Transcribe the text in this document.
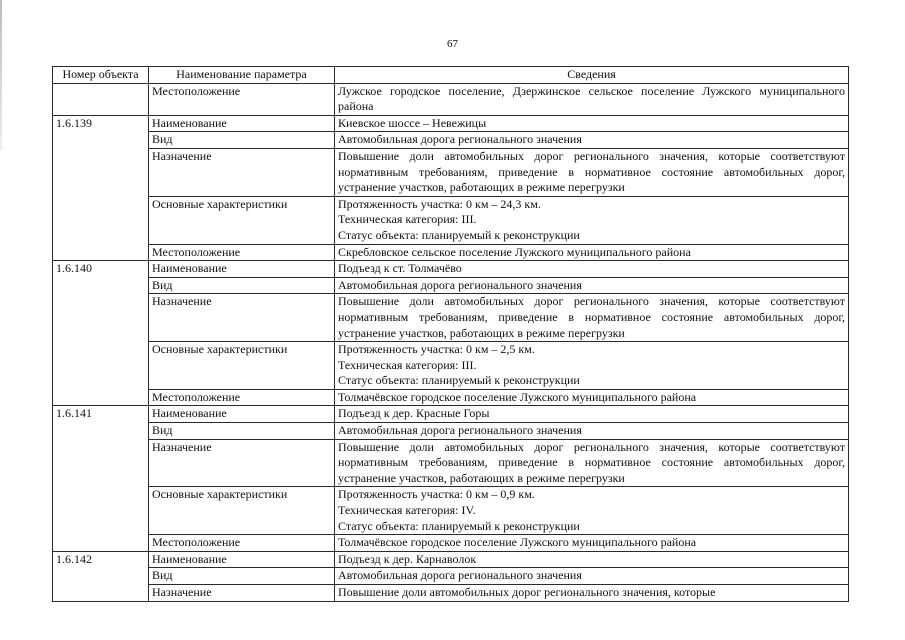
67
Номер объекта	Наименование параметра	Сведения
	Местоположение	Лужское городское поселение, Дзержинское сельское поселение Лужского муниципального района

1.6.139	Наименование	Киевское шоссе – Невежицы

	Вид	Автомобильная дорога регионального значения

	Назначение	Повышение доли автомобильных дорог регионального значения, которые соответствуют нормативным требованиям, приведение в нормативное состояние автомобильных дорог, устранение участков, работающих в режиме перегрузки

	Основные характеристики	Протяженность участка: 0 км – 24,3 км.
Техническая категория: III.
Статус объекта: планируемый к реконструкции

	Местоположение	Скребловское сельское поселение Лужского муниципального района

1.6.140	Наименование	Подъезд к ст. Толмачёво

	Вид	Автомобильная дорога регионального значения

	Назначение	Повышение доли автомобильных дорог регионального значения, которые соответствуют нормативным требованиям, приведение в нормативное состояние автомобильных дорог, устранение участков, работающих в режиме перегрузки

	Основные характеристики	Протяженность участка: 0 км – 2,5 км.
Техническая категория: III.
Статус объекта: планируемый к реконструкции

	Местоположение	Толмачёвское городское поселение Лужского муниципального района

1.6.141	Наименование	Подъезд к дер. Красные Горы

	Вид	Автомобильная дорога регионального значения

	Назначение	Повышение доли автомобильных дорог регионального значения, которые соответствуют нормативным требованиям, приведение в нормативное состояние автомобильных дорог, устранение участков, работающих в режиме перегрузки

	Основные характеристики	Протяженность участка: 0 км – 0,9 км.
Техническая категория: IV.
Статус объекта: планируемый к реконструкции

	Местоположение	Толмачёвское городское поселение Лужского муниципального района

1.6.142	Наименование	Подъезд к дер. Карнаволок

	Вид	Автомобильная дорога регионального значения

	Назначение	Повышение доли автомобильных дорог регионального значения, которые
